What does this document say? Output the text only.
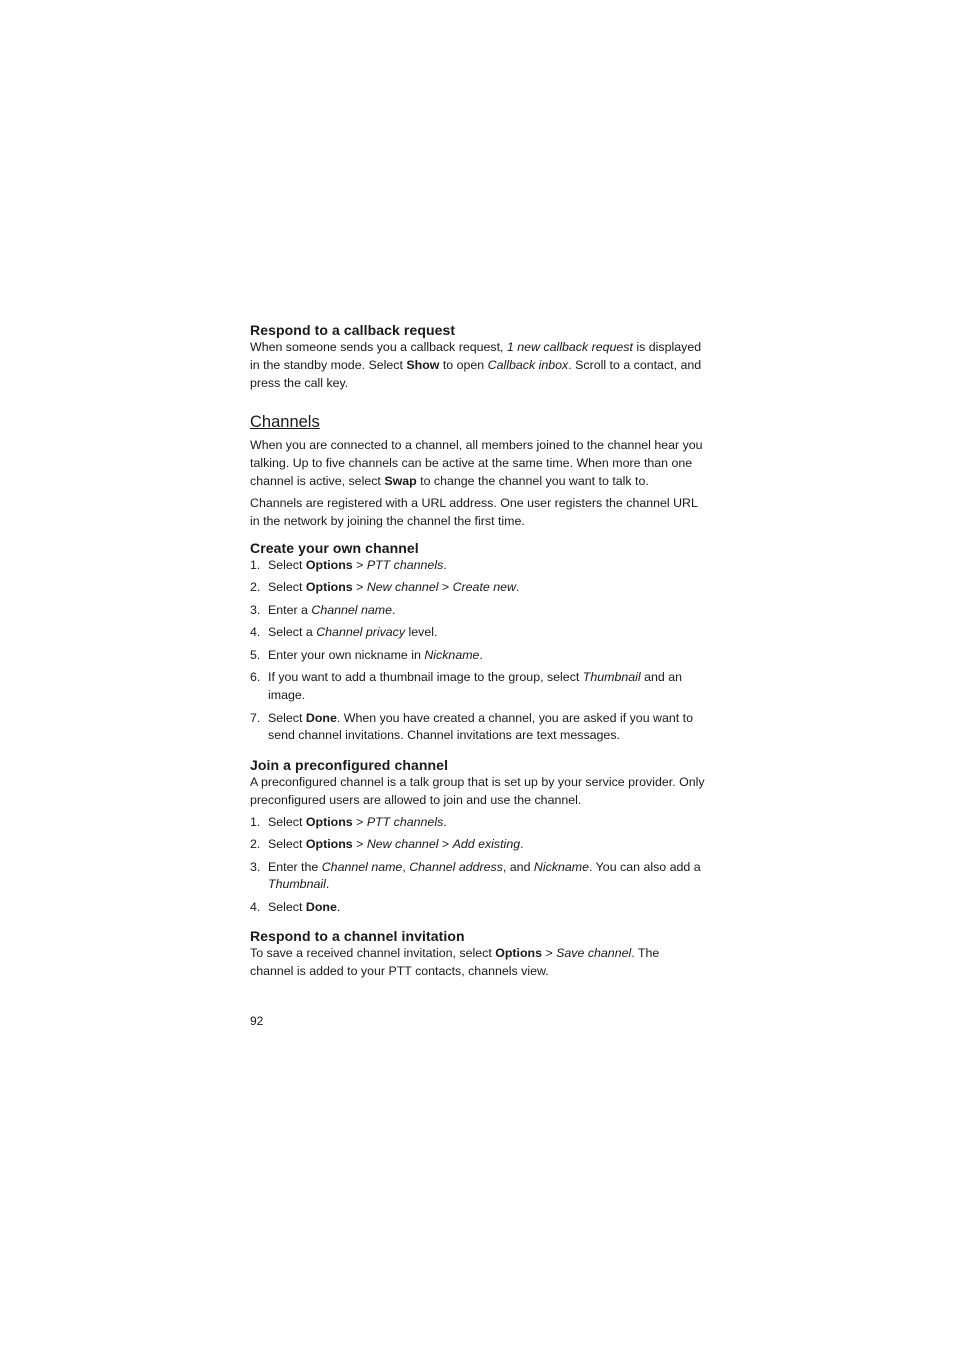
Respond to a callback request

When someone sends you a callback request, 1 new callback request is displayed in the standby mode. Select Show to open Callback inbox. Scroll to a contact, and press the call key.

Channels

When you are connected to a channel, all members joined to the channel hear you talking. Up to five channels can be active at the same time. When more than one channel is active, select Swap to change the channel you want to talk to.

Channels are registered with a URL address. One user registers the channel URL in the network by joining the channel the first time.

Create your own channel
1. Select Options > PTT channels.
2. Select Options > New channel > Create new.
3. Enter a Channel name.
4. Select a Channel privacy level.
5. Enter your own nickname in Nickname.
6. If you want to add a thumbnail image to the group, select Thumbnail and an image.
7. Select Done. When you have created a channel, you are asked if you want to send channel invitations. Channel invitations are text messages.
Join a preconfigured channel

A preconfigured channel is a talk group that is set up by your service provider. Only preconfigured users are allowed to join and use the channel.

1. Select Options > PTT channels.
2. Select Options > New channel > Add existing.
3. Enter the Channel name, Channel address, and Nickname. You can also add a Thumbnail.
4. Select Done.
Respond to a channel invitation

To save a received channel invitation, select Options > Save channel. The channel is added to your PTT contacts, channels view.

92
